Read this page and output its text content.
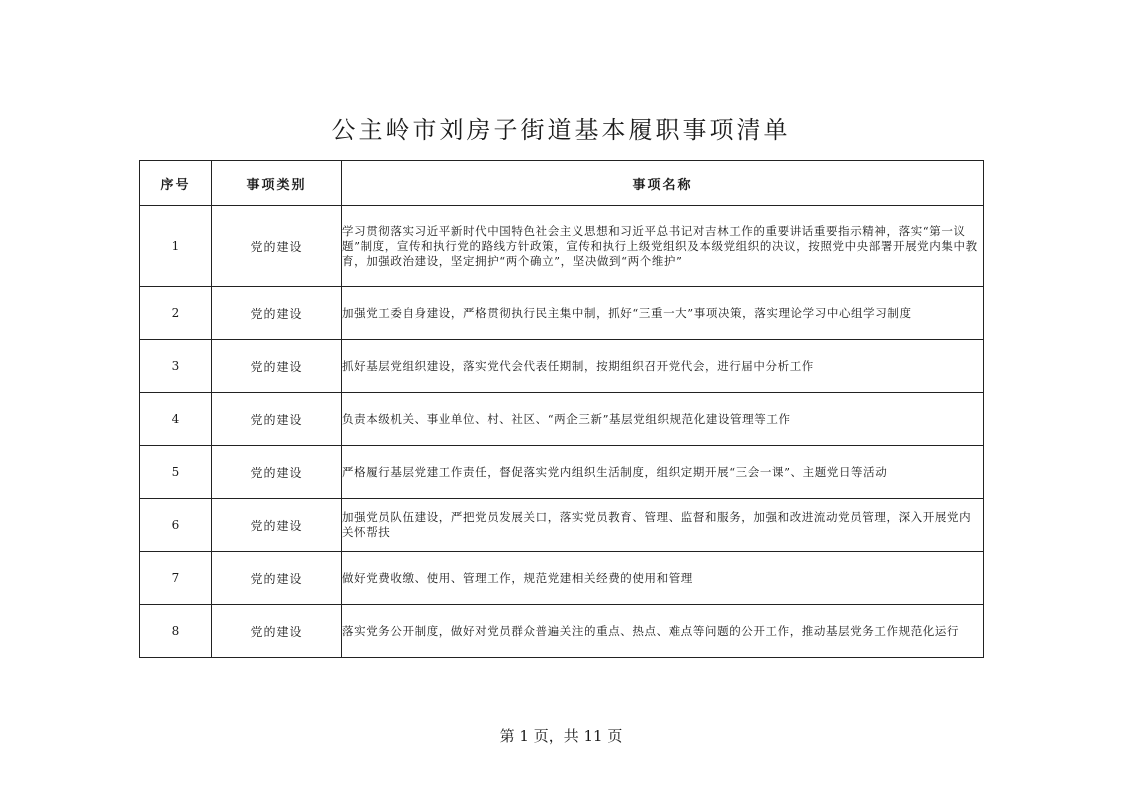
公主岭市刘房子街道基本履职事项清单
序号	事项类别	事项名称
1	党的建设	学习贯彻落实习近平新时代中国特色社会主义思想和习近平总书记对吉林工作的重要讲话重要指示精神，落实“第一议题”制度，宣传和执行党的路线方针政策，宣传和执行上级党组织及本级党组织的决议，按照党中央部署开展党内集中教育，加强政治建设，坚定拥护“两个确立”，坚决做到“两个维护”
2	党的建设	加强党工委自身建设，严格贯彻执行民主集中制，抓好“三重一大”事项决策，落实理论学习中心组学习制度
3	党的建设	抓好基层党组织建设，落实党代会代表任期制，按期组织召开党代会，进行届中分析工作
4	党的建设	负责本级机关、事业单位、村、社区、“两企三新”基层党组织规范化建设管理等工作
5	党的建设	严格履行基层党建工作责任，督促落实党内组织生活制度，组织定期开展“三会一课”、主题党日等活动
6	党的建设	加强党员队伍建设，严把党员发展关口，落实党员教育、管理、监督和服务，加强和改进流动党员管理，深入开展党内关怀帮扶
7	党的建设	做好党费收缴、使用、管理工作，规范党建相关经费的使用和管理
8	党的建设	落实党务公开制度，做好对党员群众普遍关注的重点、热点、难点等问题的公开工作，推动基层党务工作规范化运行
第 1 页，共 11 页
